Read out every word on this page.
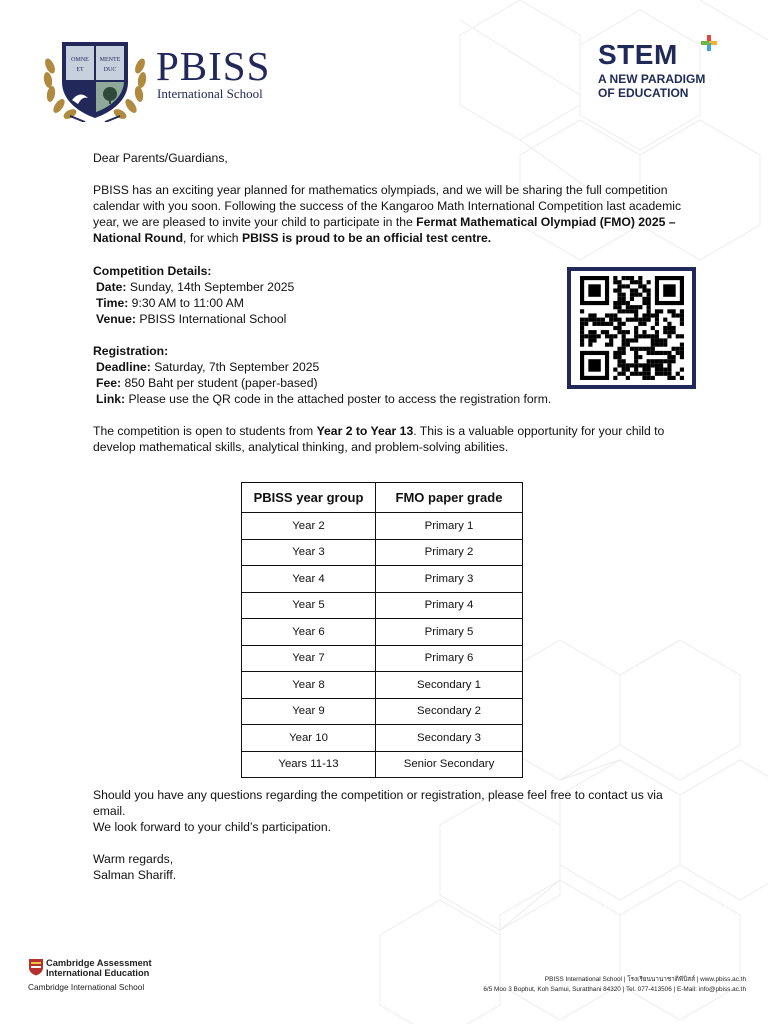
OMNE MENTE
ET	DUC PBISS
International School
STEM
A NEW PARADIGM
OF EDUCATION

Dear Parents/Guardians,

PBISS has an exciting year planned for mathematics olympiads, and we will be sharing the full competition calendar with you soon. Following the success of the Kangaroo Math International Competition last academic year, we are pleased to invite your child to participate in the Fermat Mathematical Olympiad (FMO) 2025 – National Round, for which PBISS is proud to be an official test centre.

Competition Details:

Date: Sunday, 14th September 2025

Time: 9:30 AM to 11:00 AM

Venue: PBISS International School

Registration:

Deadline: Saturday, 7th September 2025

Fee: 850 Baht per student (paper-based)

Link: Please use the QR code in the attached poster to access the registration form.

The competition is open to students from Year 2 to Year 13. This is a valuable opportunity for your child to develop mathematical skills, analytical thinking, and problem-solving abilities.

Should you have any questions regarding the competition or registration, please feel free to contact us via email.

We look forward to your child’s participation.

Warm regards,

Salman Shariff.

PBISS year group	FMO paper grade
Year 2	Primary 1
Year 3	Primary 2
Year 4	Primary 3
Year 5	Primary 4
Year 6	Primary 5
Year 7	Primary 6
Year 8	Secondary 1
Year 9	Secondary 2
Year 10	Secondary 3
Years 11-13	Senior Secondary
Cambridge Assessment
International Education
Cambridge International School
PBISS International School | โรงเรียนนานาชาติพีบิสส์ | www.pbiss.ac.th
6/5 Moo 3 Bophut, Koh Samui, Suratthani 84320 | Tel. 077-413506 | E-Mail: info@pbiss.ac.th
